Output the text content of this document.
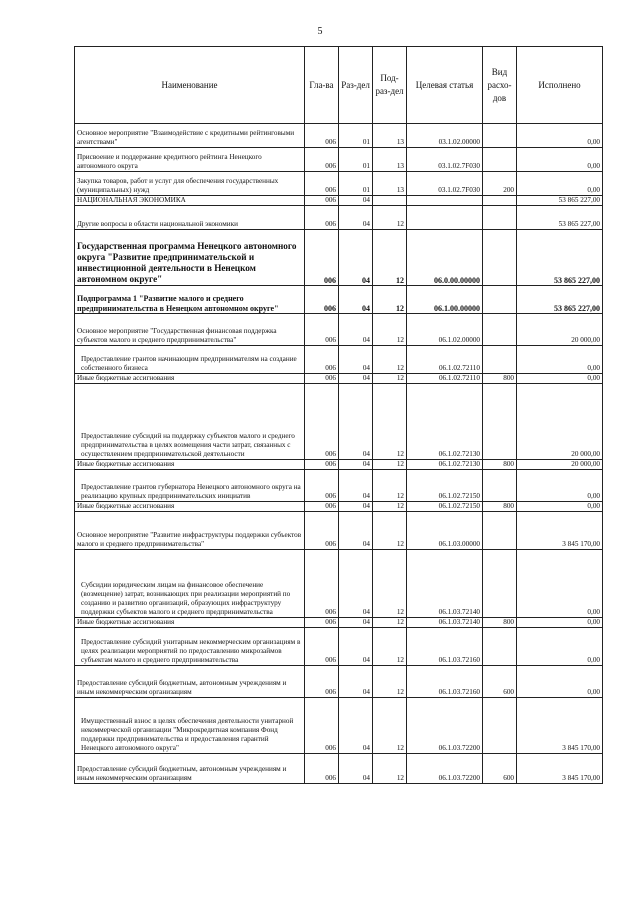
5
Наименование	Гла-ва	Раз-дел	Под-раз-дел	Целевая статья	Вид расхо-дов	Исполнено
Основное мероприятие "Взаимодействие с кредитными рейтинговыми агентствами"	006	01	13	03.1.02.00000		0,00
Присвоение и поддержание кредитного рейтинга Ненецкого автономного округа	006	01	13	03.1.02.7F030		0,00
Закупка товаров, работ и услуг для обеспечения государственных (муниципальных) нужд	006	01	13	03.1.02.7F030	200	0,00
НАЦИОНАЛЬНАЯ ЭКОНОМИКА	006	04				53 865 227,00
Другие вопросы в области национальной экономики	006	04	12			53 865 227,00
Государственная программа Ненецкого автономного округа "Развитие предпринимательской и инвестиционной деятельности в Ненецком автономном округе"	006	04	12	06.0.00.00000		53 865 227,00
Подпрограмма 1 "Развитие малого и среднего предпринимательства в Ненецком автономном округе"	006	04	12	06.1.00.00000		53 865 227,00
Основное мероприятие "Государственная финансовая поддержка субъектов малого и среднего предпринимательства"	006	04	12	06.1.02.00000		20 000,00
Предоставление грантов начинающим предпринимателям на создание собственного бизнеса	006	04	12	06.1.02.72110		0,00
Иные бюджетные ассигнования	006	04	12	06.1.02.72110	800	0,00
Предоставление субсидий на поддержку субъектов малого и среднего предпринимательства в целях возмещения части затрат, связанных с осуществлением предпринимательской деятельности	006	04	12	06.1.02.72130		20 000,00
Иные бюджетные ассигнования	006	04	12	06.1.02.72130	800	20 000,00
Предоставление грантов губернатора Ненецкого автономного округа на реализацию крупных предпринимательских инициатив	006	04	12	06.1.02.72150		0,00
Иные бюджетные ассигнования	006	04	12	06.1.02.72150	800	0,00
Основное мероприятие "Развитие инфраструктуры поддержки субъектов малого и среднего предпринимательства"	006	04	12	06.1.03.00000		3 845 170,00
Субсидии юридическим лицам на финансовое обеспечение (возмещение) затрат, возникающих при реализации мероприятий по созданию и развитию организаций, образующих инфраструктуру поддержки субъектов малого и среднего предпринимательства	006	04	12	06.1.03.72140		0,00
Иные бюджетные ассигнования	006	04	12	06.1.03.72140	800	0,00
Предоставление субсидий унитарным некоммерческим организациям в целях реализации мероприятий по предоставлению микрозаймов субъектам малого и среднего предпринимательства	006	04	12	06.1.03.72160		0,00
Предоставление субсидий бюджетным, автономным учреждениям и иным некоммерческим организациям	006	04	12	06.1.03.72160	600	0,00
Имущественный взнос в целях обеспечения деятельности унитарной некоммерческой организации "Микрокредитная компания Фонд поддержки предпринимательства и предоставления гарантий Ненецкого автономного округа"	006	04	12	06.1.03.72200		3 845 170,00
Предоставление субсидий бюджетным, автономным учреждениям и иным некоммерческим организациям	006	04	12	06.1.03.72200	600	3 845 170,00
